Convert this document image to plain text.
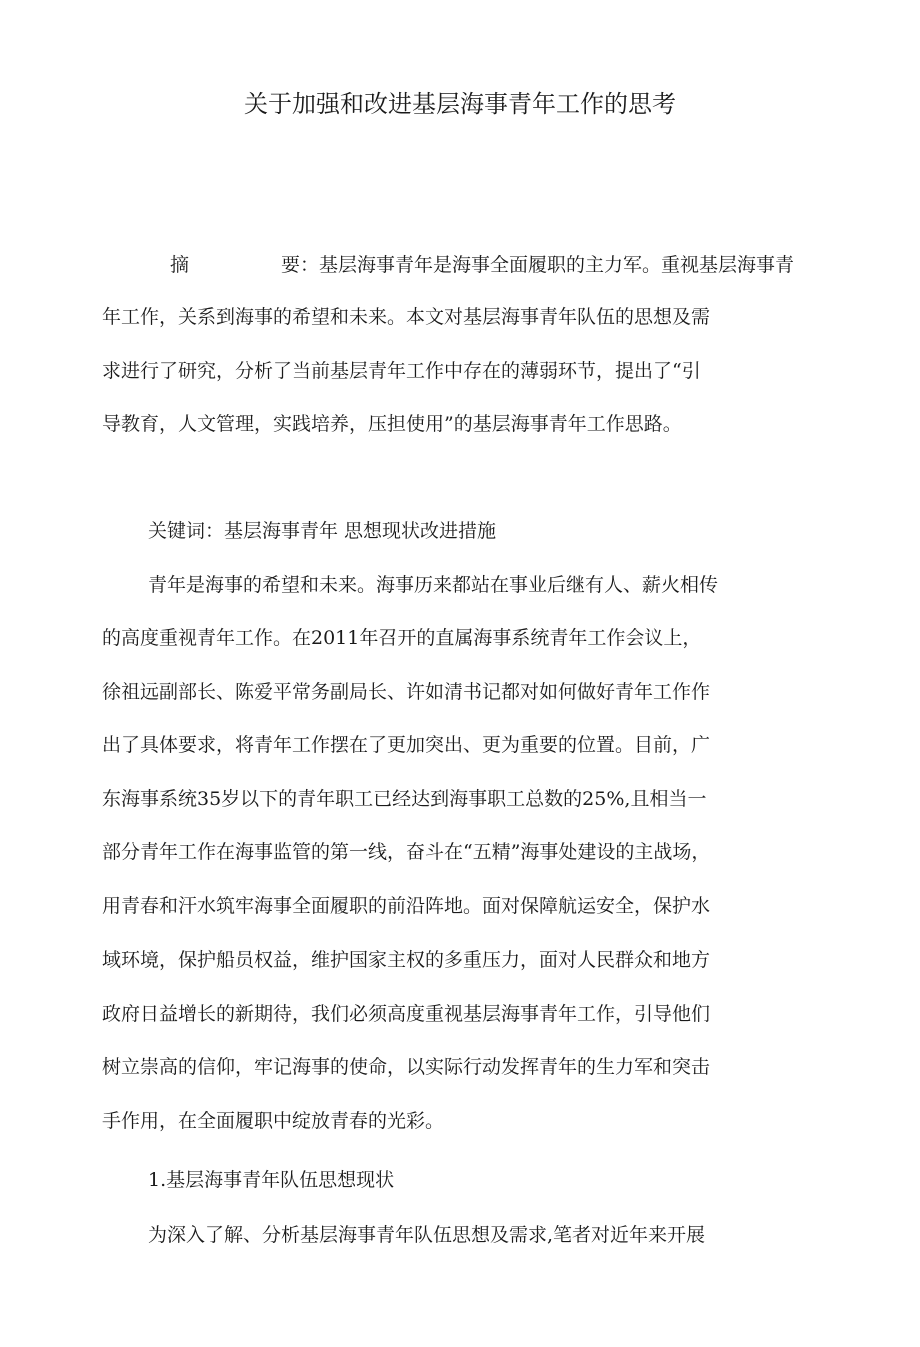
关于加强和改进基层海事青年工作的思考
摘	要：基层海事青年是海事全面履职的主力军。重视基层海事青
年工作，关系到海事的希望和未来。本文对基层海事青年队伍的思想及需
求进行了研究，分析了当前基层青年工作中存在的薄弱环节，提出了“引
导教育，人文管理，实践培养，压担使用”的基层海事青年工作思路。
关键词：基层海事青年 思想现状改进措施
青年是海事的希望和未来。海事历来都站在事业后继有人、薪火相传
的高度重视青年工作。在2011年召开的直属海事系统青年工作会议上，
徐祖远副部长、陈爱平常务副局长、许如清书记都对如何做好青年工作作
出了具体要求，将青年工作摆在了更加突出、更为重要的位置。目前，广
东海事系统35岁以下的青年职工已经达到海事职工总数的25%,且相当一
部分青年工作在海事监管的第一线，奋斗在“五精”海事处建设的主战场，
用青春和汗水筑牢海事全面履职的前沿阵地。面对保障航运安全，保护水
域环境，保护船员权益，维护国家主权的多重压力，面对人民群众和地方
政府日益增长的新期待，我们必须高度重视基层海事青年工作，引导他们
树立崇高的信仰，牢记海事的使命，以实际行动发挥青年的生力军和突击
手作用，在全面履职中绽放青春的光彩。
1.基层海事青年队伍思想现状
为深入了解、分析基层海事青年队伍思想及需求,笔者对近年来开展
